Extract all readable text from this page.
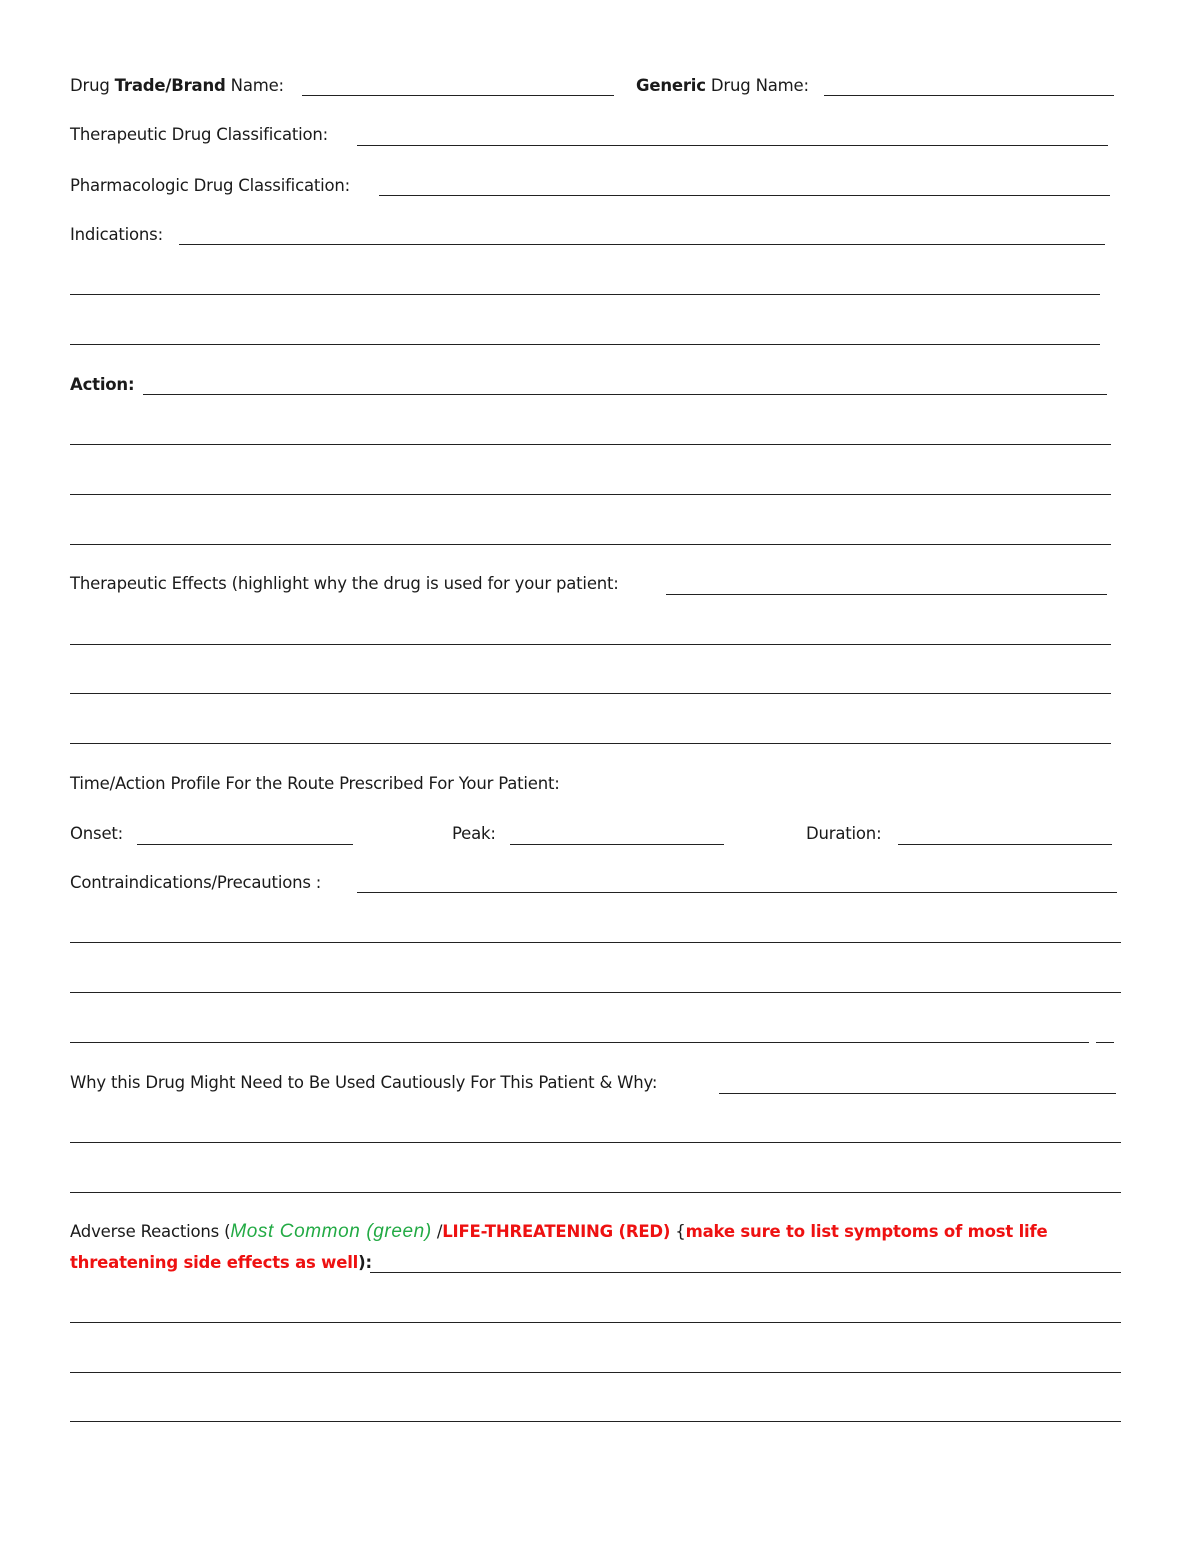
Drug Trade/Brand Name:	Generic Drug Name:
Therapeutic Drug Classification:
Pharmacologic Drug Classification:
Indications:
Action:
Therapeutic Effects (highlight why the drug is used for your patient:
Time/Action Profile For the Route Prescribed For Your Patient:
Onset:	Peak:	Duration:
Contraindications/Precautions :
Why this Drug Might Need to Be Used Cautiously For This Patient & Why:
Adverse Reactions (Most Common (green) /LIFE-THREATENING (RED) {make sure to list symptoms of most life
threatening side effects as well):
